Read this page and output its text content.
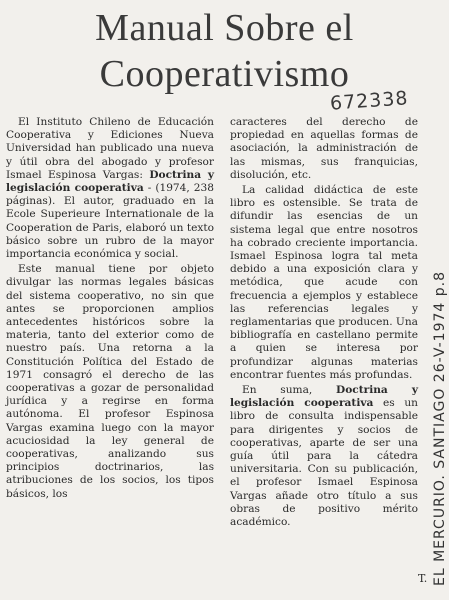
Manual Sobre el
Cooperativismo
672338

El Instituto Chileno de Educación Cooperativa y Ediciones Nueva Universidad han publicado una nueva y útil obra del abogado y profesor Ismael Espinosa Vargas: Doctrina y legislación cooperativa - (1974, 238 páginas). El autor, graduado en la Ecole Superieure Internationale de la Cooperation de Paris, elaboró un texto básico sobre un rubro de la mayor importancia económica y social.

Este manual tiene por objeto divulgar las normas legales básicas del sistema cooperativo, no sin que antes se proporcionen amplios antecedentes históricos sobre la materia, tanto del exterior como de nuestro país. Una retorna a la Constitución Política del Estado de 1971 consagró el derecho de las cooperativas a gozar de personalidad jurídica y a regirse en forma autónoma. El profesor Espinosa Vargas examina luego con la mayor acuciosidad la ley general de cooperativas, analizando sus principios doctrinarios, las atribuciones de los socios, los tipos básicos, los

caracteres del derecho de propiedad en aquellas formas de asociación, la administración de las mismas, sus franquicias, disolución, etc.

La calidad didáctica de este libro es ostensible. Se trata de difundir las esencias de un sistema legal que entre nosotros ha cobrado creciente importancia. Ismael Espinosa logra tal meta debido a una exposición clara y metódica, que acude con frecuencia a ejemplos y establece las referencias legales y reglamentarias que producen. Una bibliografía en castellano permite a quien se interesa por profundizar algunas materias encontrar fuentes más profundas.

En suma, Doctrina y legislación cooperativa es un libro de consulta indispensable para dirigentes y socios de cooperativas, aparte de ser una guía útil para la cátedra universitaria. Con su publicación, el profesor Ismael Espinosa Vargas añade otro título a sus obras de positivo mérito académico.

T. EL MERCURIO. SANTIAGO 26-V-1974 p.8
